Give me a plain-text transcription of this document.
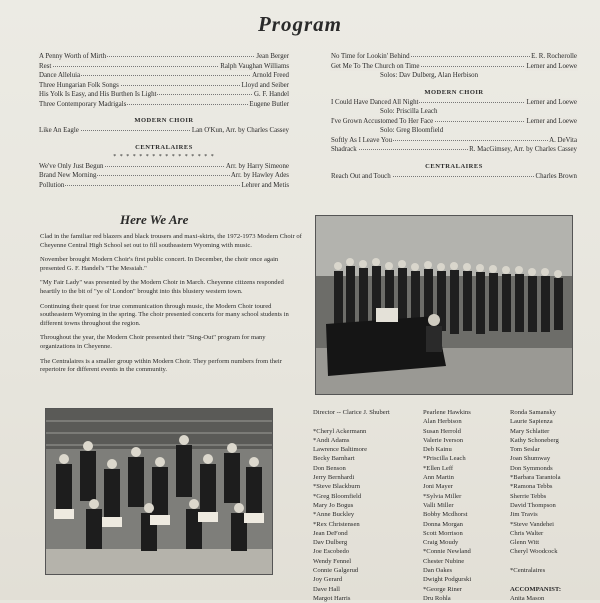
Program
A Penny Worth of Mirth	Jean Berger
Rest	Ralph Vaughan Williams
Dance Alleluia	Arnold Freed
Three Hungarian Folk Songs	Lloyd and Seiber
His Yolk Is Easy, and His Burthen Is Light	G. F. Handel
Three Contemporary Madrigals	Eugene Butler
MODERN CHOIR
Like An Eagle	Lan O'Kun, Arr. by Charles Cassey
CENTRALAIRES
* * * * * * * * * * * * * * * *
We've Only Just Begun	Arr. by Harry Simeone
Brand New Morning	Arr. by Hawley Ades
Pollution	Lehrer and Metis
No Time for Lookin' Behind	E. R. Rocherolle
Get Me To The Church on Time	Lerner and Loewe
Solos: Dav Dulberg, Alan Herbison
MODERN CHOIR
I Could Have Danced All Night	Lerner and Loewe
Solo: Priscilla Leach
I've Grown Accustomed To Her Face	Lerner and Loewe
Solo: Greg Bloomfield
Softly As I Leave You	A. DeVita
Shadrack	R. MacGimsey, Arr. by Charles Cassey
CENTRALAIRES
Reach Out and Touch	Charles Brown
Here We Are

Clad in the familiar red blazers and black trousers and maxi-skirts, the 1972-1973 Modern Choir of Cheyenne Central High School set out to fill southeastern Wyoming with music.

November brought Modern Choir's first public concert. In December, the choir once again presented G. F. Handel's "The Messiah."

"My Fair Lady" was presented by the Modern Choir in March. Cheyenne citizens responded heartily to the bit of "ye ol' London" brought into this blustery western town.

Continuing their quest for true communication through music, the Modern Choir toured southeastern Wyoming in the spring. The choir presented concerts for many school students in different towns throughout the region.

Throughout the year, the Modern Choir presented their "Sing-Out" program for many organizations in Cheyenne.

The Centralaires is a smaller group within Modern Choir. They perform numbers from their repertoire for different events in the community.

Director -- Clarice J. Shubert
*Cheryl Ackermann
*Andi Adams
Lawrence Baltimore
Becky Barnhart
Don Benson
Jerry Bernhardi
*Steve Blackburn
*Greg Bloomfield
Mary Jo Bogus
*Anne Buckley
*Rex Christensen
Jean DeFond
Dav Dulberg
Joe Escobedo
Wendy Fennel
Connie Galgerud
Joy Gerard
Dave Hall
Margot Harris
Pearlene Hawkins
Alan Herbison
Susan Herrold
Valerie Iverson
Deb Kainu
*Priscilla Leach
*Ellen Leff
Ann Martin
Joni Mayer
*Sylvia Miller
Valli Miller
Bobby Mcdhorst
Donna Morgan
Scott Morrison
Craig Moudy
*Connie Newland
Chester Nubine
Dan Oakes
Dwight Podgurski
*George Riner
Dru Rohla
Ronda Samansky
Laurie Sapienza
Mary Schlatter
Kathy Schoneberg
Tom Seslar
Joan Shumway
Don Symmonds
*Barbara Tarantola
*Ramona Tebbs
Sherrie Tebbs
David Thompson
Jim Travis
*Steve Vandehei
Chris Walter
Glenn Witt
Cheryl Woodcock
*Centralaires
ACCOMPANIST:
Anita Mason
